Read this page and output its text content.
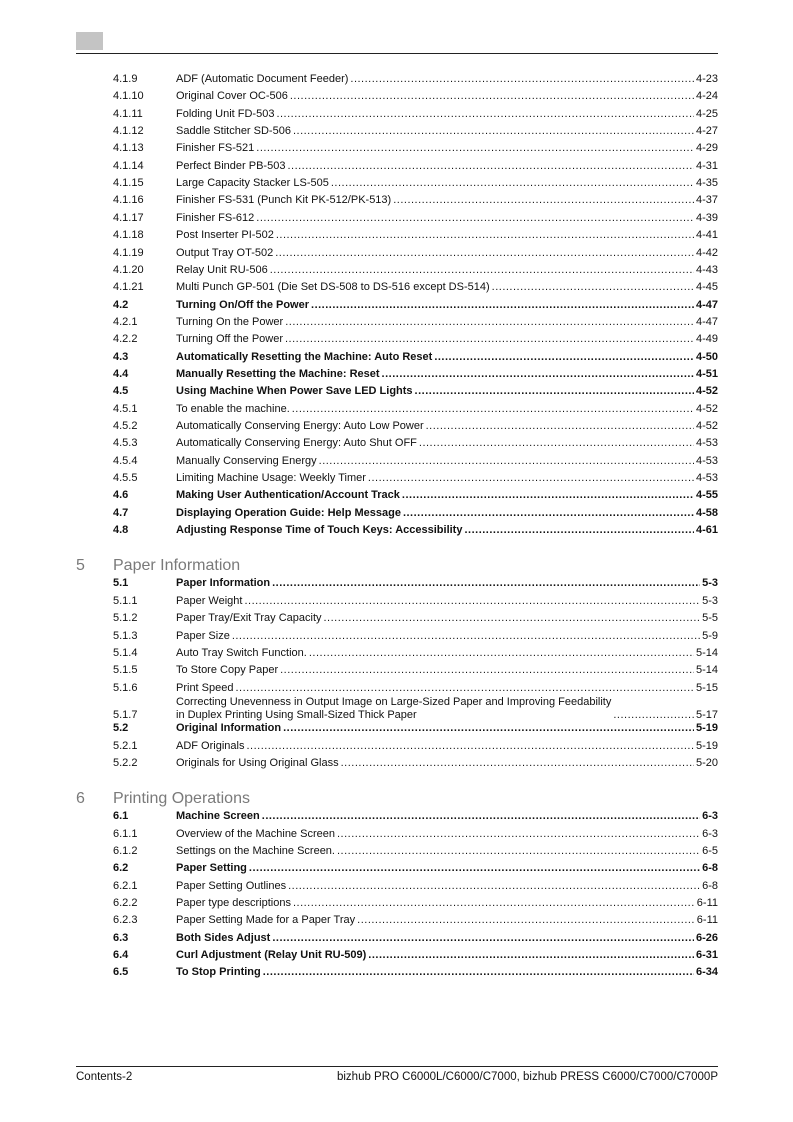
Contents-2	bizhub PRO C6000L/C6000/C7000, bizhub PRESS C6000/C7000/C7000P
4.1.9	ADF (Automatic Document Feeder) .....	4-23
4.1.10	Original Cover OC-506 .....	4-24
4.1.11	Folding Unit FD-503 .....	4-25
4.1.12	Saddle Stitcher SD-506 .....	4-27
4.1.13	Finisher FS-521 .....	4-29
4.1.14	Perfect Binder PB-503 .....	4-31
4.1.15	Large Capacity Stacker LS-505 .....	4-35
4.1.16	Finisher FS-531 (Punch Kit PK-512/PK-513) .....	4-37
4.1.17	Finisher FS-612 .....	4-39
4.1.18	Post Inserter PI-502 .....	4-41
4.1.19	Output Tray OT-502 .....	4-42
4.1.20	Relay Unit RU-506 .....	4-43
4.1.21	Multi Punch GP-501 (Die Set DS-508 to DS-516 except DS-514) .....	4-45
4.2	Turning On/Off the Power .....	4-47
4.2.1	Turning On the Power .....	4-47
4.2.2	Turning Off the Power .....	4-49
4.3	Automatically Resetting the Machine: Auto Reset .....	4-50
4.4	Manually Resetting the Machine: Reset .....	4-51
4.5	Using Machine When Power Save LED Lights .....	4-52
4.5.1	To enable the machine. .....	4-52
4.5.2	Automatically Conserving Energy: Auto Low Power .....	4-52
4.5.3	Automatically Conserving Energy: Auto Shut OFF .....	4-53
4.5.4	Manually Conserving Energy .....	4-53
4.5.5	Limiting Machine Usage: Weekly Timer .....	4-53
4.6	Making User Authentication/Account Track .....	4-55
4.7	Displaying Operation Guide: Help Message .....	4-58
4.8	Adjusting Response Time of Touch Keys: Accessibility .....	4-61
5	Paper Information
5.1	Paper Information .....	5-3
5.1.1	Paper Weight .....	5-3
5.1.2	Paper Tray/Exit Tray Capacity .....	5-5
5.1.3	Paper Size .....	5-9
5.1.4	Auto Tray Switch Function. .....	5-14
5.1.5	To Store Copy Paper .....	5-14
5.1.6	Print Speed .....	5-15
5.1.7
Correcting Unevenness in Output Image on Large-Sized Paper and Improving Feedability
in Duplex Printing Using Small-Sized Thick Paper .....	5-17
5.2	Original Information .....	5-19
5.2.1	ADF Originals .....	5-19
5.2.2	Originals for Using Original Glass .....	5-20
6	Printing Operations
6.1	Machine Screen .....	6-3
6.1.1	Overview of the Machine Screen .....	6-3
6.1.2	Settings on the Machine Screen. .....	6-5
6.2	Paper Setting .....	6-8
6.2.1	Paper Setting Outlines .....	6-8
6.2.2	Paper type descriptions .....	6-11
6.2.3	Paper Setting Made for a Paper Tray .....	6-11
6.3	Both Sides Adjust .....	6-26
6.4	Curl Adjustment (Relay Unit RU-509) .....	6-31
6.5	To Stop Printing .....	6-34
